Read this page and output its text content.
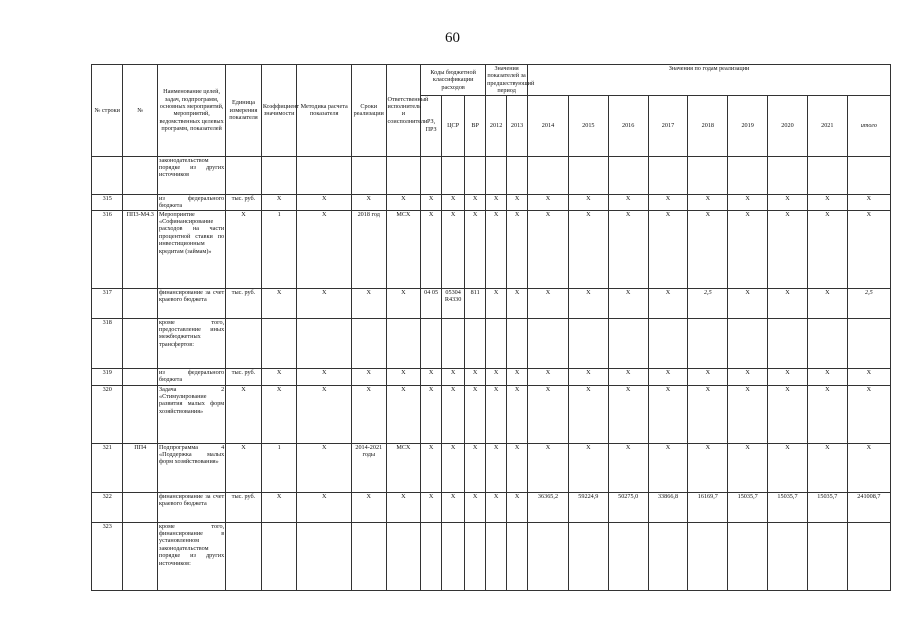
60
№ строки	№	Наименование целей, задач, подпрограмм, основных мероприятий, мероприятий, ведомственных целевых программ, показателей	Единица измерения показателя	Коэффициент значимости	Методика расчета показателя	Сроки реализации	Ответственный исполнитель и соисполнители	Коды бюджетной классификации расходов			Значения показателей за предшествующий период		Значения по годам реализации								
								РЗ, ПРЗ	ЦСР	ВР	2012	2013	2014	2015	2016	2017	2018	2019	2020	2021	итого
		законодательством порядке из других источников																			
315		из федерального бюджета	тыс. руб.	X	X	X	X	X	X	X	X	X	X	X	X	X	X	X	X	X	X
316	ПП3-М4.3	Мероприятие «Софинансирование расходов на части процентной ставки по инвестиционным кредитам (займам)»	X	1	X	2018 год	МСХ	X	X	X	X	X	X	X	X	X	X	X	X	X	X
317		финансирование за счет краевого бюджета	тыс. руб.	X	X	X	X	04 05	05304 R4330	811	X	X	X	X	X	X	2,5	X	X	X	2,5
318		кроме того, предоставление иных межбюджетных трансфертов:																			
319		из федерального бюджета	тыс. руб.	X	X	X	X	X	X	X	X	X	X	X	X	X	X	X	X	X	X
320		Задача 2 «Стимулирование развития малых форм хозяйствования»	X	X	X	X	X	X	X	X	X	X	X	X	X	X	X	X	X	X	X
321	ПП4	Подпрограмма 4 «Поддержка малых форм хозяйствования»	X	1	X	2014-2021 годы	МСХ	X	X	X	X	X	X	X	X	X	X	X	X	X	X
322		финансирование за счет краевого бюджета	тыс. руб.	X	X	X	X	X	X	X	X	X	36365,2	59224,9	50275,0	33866,8	16169,7	15035,7	15035,7	15035,7	241008,7
323		кроме того, финансирование в установленном законодательством порядке из других источников:																			
